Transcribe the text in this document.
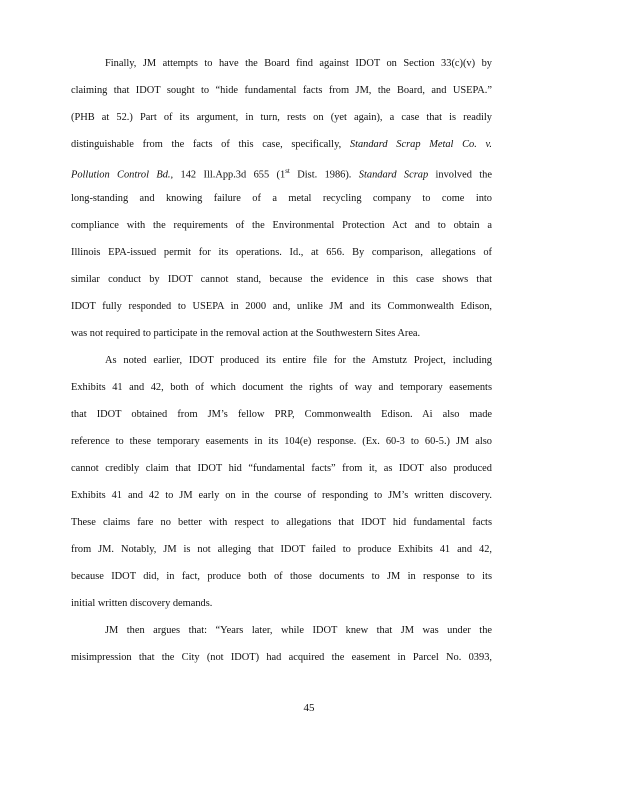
Finally, JM attempts to have the Board find against IDOT on Section 33(c)(v) by
claiming that IDOT sought to “hide fundamental facts from JM, the Board, and USEPA.”
(PHB at 52.) Part of its argument, in turn, rests on (yet again), a case that is readily
distinguishable from the facts of this case, specifically, Standard Scrap Metal Co. v.
Pollution Control Bd., 142 Ill.App.3d 655 (1st Dist. 1986). Standard Scrap involved the
long-standing and knowing failure of a metal recycling company to come into
compliance with the requirements of the Environmental Protection Act and to obtain a
Illinois EPA-issued permit for its operations. Id., at 656. By comparison, allegations of
similar conduct by IDOT cannot stand, because the evidence in this case shows that
IDOT fully responded to USEPA in 2000 and, unlike JM and its Commonwealth Edison,
was not required to participate in the removal action at the Southwestern Sites Area.
As noted earlier, IDOT produced its entire file for the Amstutz Project, including
Exhibits 41 and 42, both of which document the rights of way and temporary easements
that IDOT obtained from JM’s fellow PRP, Commonwealth Edison. Ai also made
reference to these temporary easements in its 104(e) response. (Ex. 60-3 to 60-5.) JM also
cannot credibly claim that IDOT hid “fundamental facts” from it, as IDOT also produced
Exhibits 41 and 42 to JM early on in the course of responding to JM’s written discovery.
These claims fare no better with respect to allegations that IDOT hid fundamental facts
from JM. Notably, JM is not alleging that IDOT failed to produce Exhibits 41 and 42,
because IDOT did, in fact, produce both of those documents to JM in response to its
initial written discovery demands.
JM then argues that: “Years later, while IDOT knew that JM was under the
misimpression that the City (not IDOT) had acquired the easement in Parcel No. 0393,
45
